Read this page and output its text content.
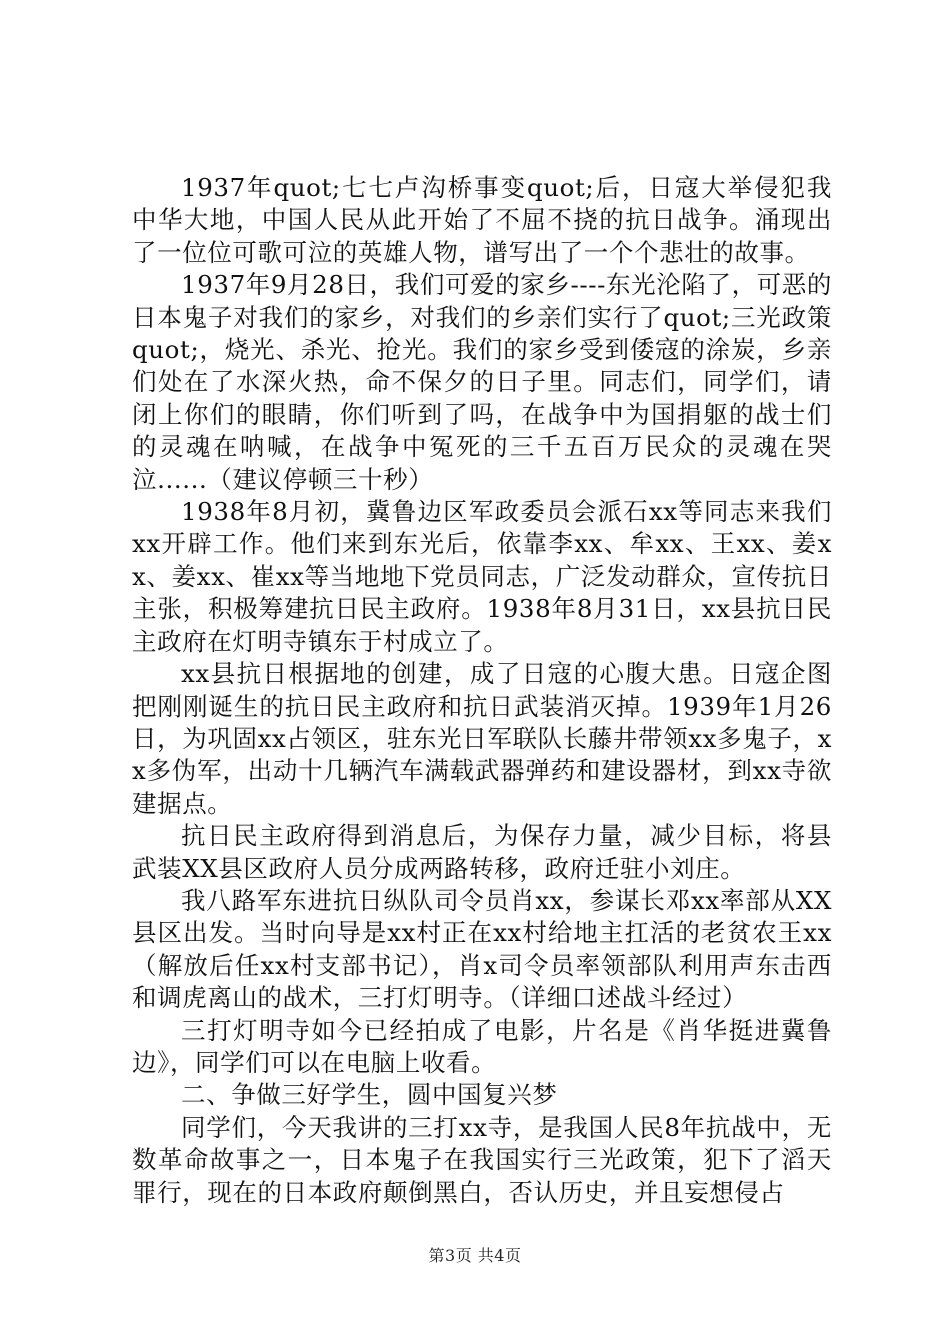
1937年quot;七七卢沟桥事变quot;后，日寇大举侵犯我中华大地，中国人民从此开始了不屈不挠的抗日战争。涌现出了一位位可歌可泣的英雄人物，谱写出了一个个悲壮的故事。

1937年9月28日，我们可爱的家乡----东光沦陷了，可恶的日本鬼子对我们的家乡，对我们的乡亲们实行了quot;三光政策quot;，烧光、杀光、抢光。我们的家乡受到倭寇的涂炭，乡亲们处在了水深火热，命不保夕的日子里。同志们，同学们，请闭上你们的眼睛，你们听到了吗，在战争中为国捐躯的战士们的灵魂在呐喊，在战争中冤死的三千五百万民众的灵魂在哭泣......（建议停顿三十秒）

1938年8月初，冀鲁边区军政委员会派石xx等同志来我们xx开辟工作。他们来到东光后，依靠李xx、牟xx、王xx、姜xx、姜xx、崔xx等当地地下党员同志，广泛发动群众，宣传抗日主张，积极筹建抗日民主政府。1938年8月31日，xx县抗日民主政府在灯明寺镇东于村成立了。

xx县抗日根据地的创建，成了日寇的心腹大患。日寇企图把刚刚诞生的抗日民主政府和抗日武装消灭掉。1939年1月26日，为巩固xx占领区，驻东光日军联队长藤井带领xx多鬼子，xx多伪军，出动十几辆汽车满载武器弹药和建设器材，到xx寺欲建据点。

抗日民主政府得到消息后，为保存力量，减少目标，将县武装XX县区政府人员分成两路转移，政府迁驻小刘庄。

我八路军东进抗日纵队司令员肖xx，参谋长邓xx率部从XX县区出发。当时向导是xx村正在xx村给地主扛活的老贫农王xx（解放后任xx村支部书记），肖x司令员率领部队利用声东击西和调虎离山的战术，三打灯明寺。（详细口述战斗经过）

三打灯明寺如今已经拍成了电影，片名是《肖华挺进冀鲁边》，同学们可以在电脑上收看。

二、争做三好学生，圆中国复兴梦

同学们，今天我讲的三打xx寺，是我国人民8年抗战中，无数革命故事之一，日本鬼子在我国实行三光政策，犯下了滔天罪行，现在的日本政府颠倒黑白，否认历史，并且妄想侵占

第3页 共4页
